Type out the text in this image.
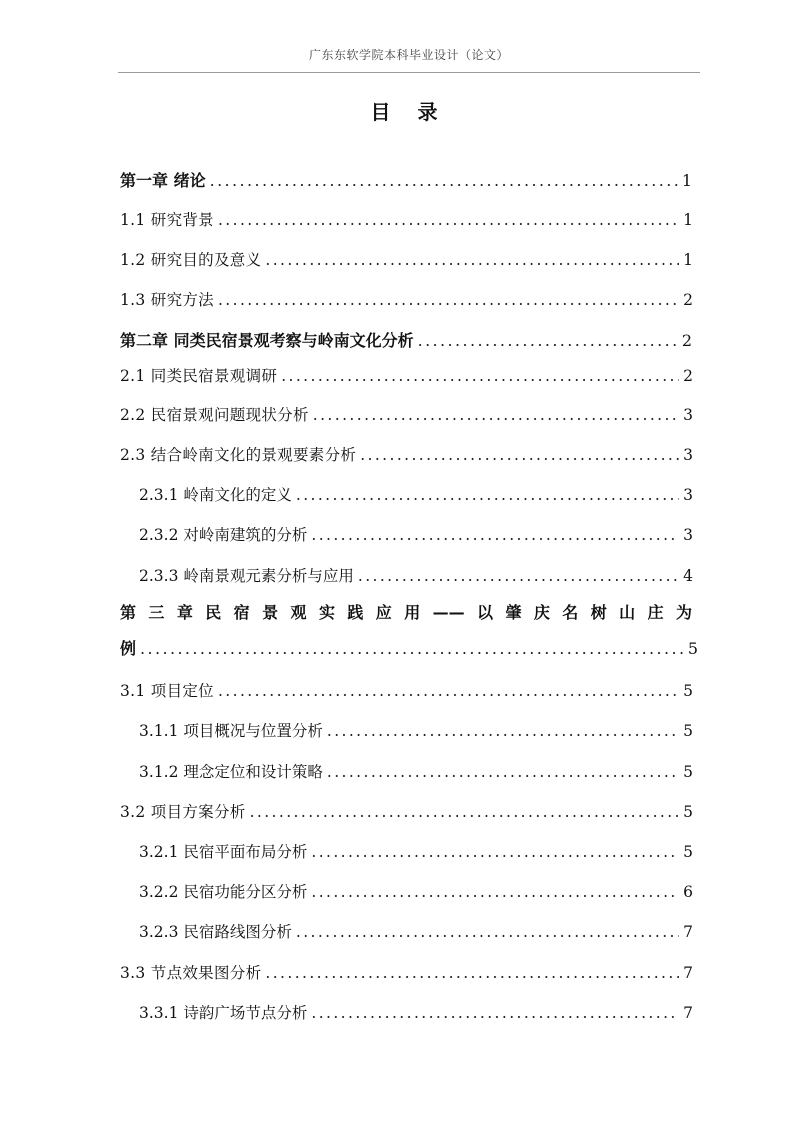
广东东软学院本科毕业设计（论文）
目 录
第一章 绪论 .....	1
1.1 研究背景 .....	1
1.2 研究目的及意义 .....	1
1.3 研究方法 .....	2
第二章 同类民宿景观考察与岭南文化分析 .....	2
2.1 同类民宿景观调研 .....	2
2.2 民宿景观问题现状分析 .....	3
2.3 结合岭南文化的景观要素分析 .....	3
2.3.1 岭南文化的定义 .....	3
2.3.2 对岭南建筑的分析 .....	3
2.3.3 岭南景观元素分析与应用 .....	4
第三章民宿景观实践应用——以肇庆名树山庄为
例 .....	5
3.1 项目定位 .....	5
3.1.1 项目概况与位置分析 .....	5
3.1.2 理念定位和设计策略 .....	5
3.2 项目方案分析 .....	5
3.2.1 民宿平面布局分析 .....	5
3.2.2 民宿功能分区分析 .....	6
3.2.3 民宿路线图分析 .....	7
3.3 节点效果图分析 .....	7
3.3.1 诗韵广场节点分析 .....	7
